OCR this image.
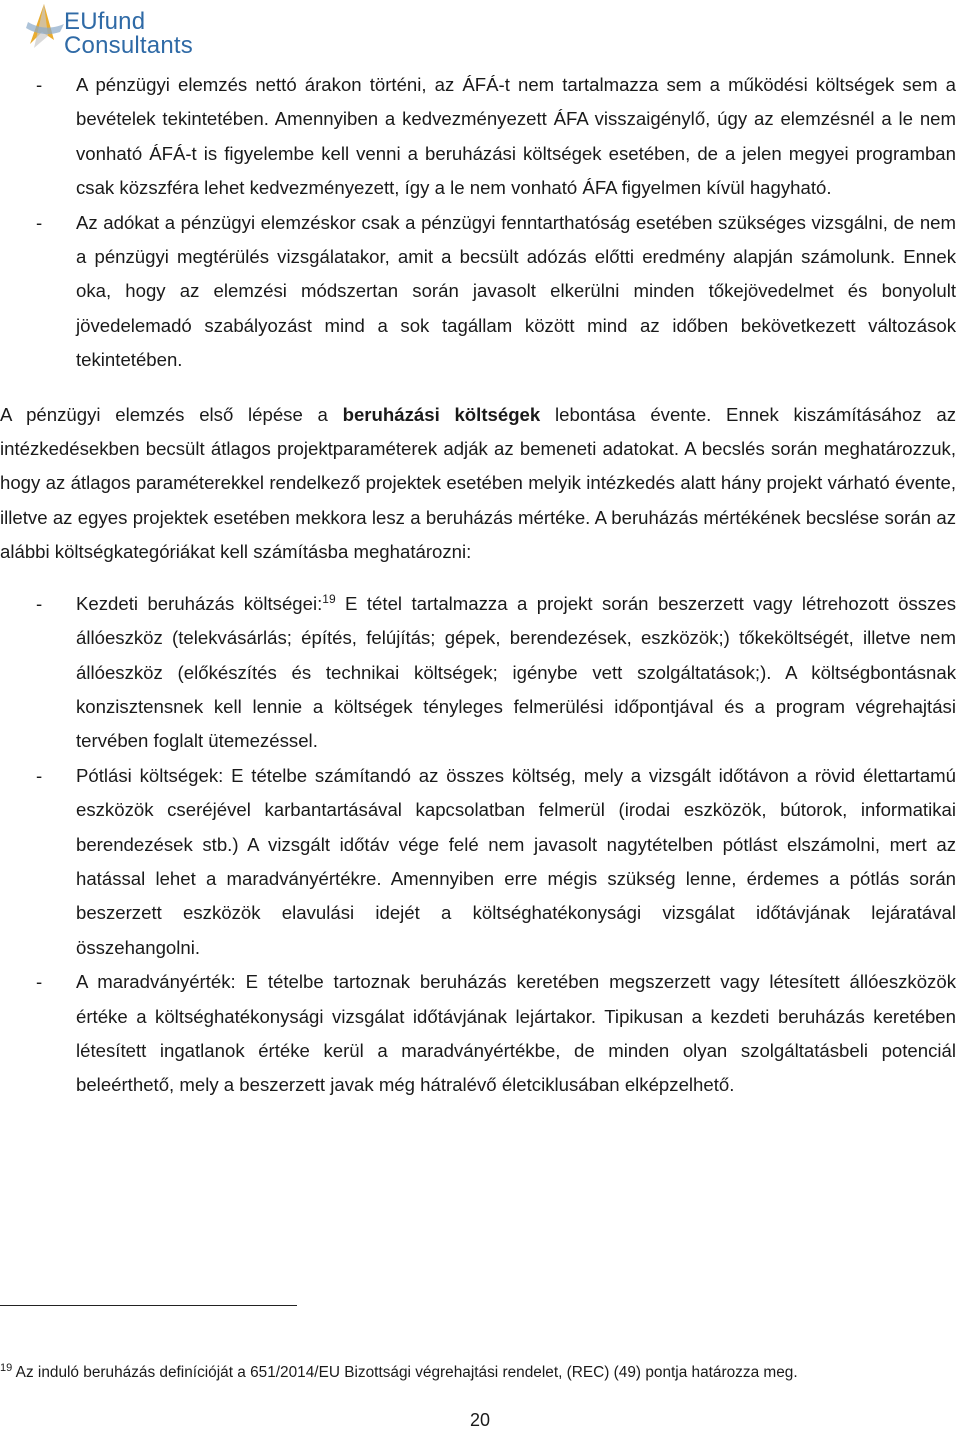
EUfund
Consultants
-	A pénzügyi elemzés nettó árakon történi, az ÁFÁ-t nem tartalmazza sem a működési költségek sem a bevételek tekintetében. Amennyiben a kedvezményezett ÁFA visszaigénylő, úgy az elemzésnél a le nem vonható ÁFÁ-t is figyelembe kell venni a beruházási költségek esetében, de a jelen megyei programban csak közszféra lehet kedvezményezett, így a le nem vonható ÁFA figyelmen kívül hagyható.

-	Az adókat a pénzügyi elemzéskor csak a pénzügyi fenntarthatóság esetében szükséges vizsgálni, de nem a pénzügyi megtérülés vizsgálatakor, amit a becsült adózás előtti eredmény alapján számolunk. Ennek oka, hogy az elemzési módszertan során javasolt elkerülni minden tőkejövedelmet és bonyolult jövedelemadó szabályozást mind a sok tagállam között mind az időben bekövetkezett változások tekintetében.

A pénzügyi elemzés első lépése a beruházási költségek lebontása évente. Ennek kiszámításához az intézkedésekben becsült átlagos projektparaméterek adják az bemeneti adatokat. A becslés során meghatározzuk, hogy az átlagos paraméterekkel rendelkező projektek esetében melyik intézkedés alatt hány projekt várható évente, illetve az egyes projektek esetében mekkora lesz a beruházás mértéke. A beruházás mértékének becslése során az alábbi költségkategóriákat kell számításba meghatározni:

-	Kezdeti beruházás költségei:$^{19}$ E tétel tartalmazza a projekt során beszerzett vagy létrehozott összes állóeszköz (telekvásárlás; építés, felújítás; gépek, berendezések, eszközök;) tőkeköltségét, illetve nem állóeszköz (előkészítés és technikai költségek; igénybe vett szolgáltatások;). A költségbontásnak konzisztensnek kell lennie a költségek tényleges felmerülési időpontjával és a program végrehajtási tervében foglalt ütemezéssel.

-	Pótlási költségek: E tételbe számítandó az összes költség, mely a vizsgált időtávon a rövid élettartamú eszközök cseréjével karbantartásával kapcsolatban felmerül (irodai eszközök, bútorok, informatikai berendezések stb.) A vizsgált időtáv vége felé nem javasolt nagytételben pótlást elszámolni, mert az hatással lehet a maradványértékre. Amennyiben erre mégis szükség lenne, érdemes a pótlás során beszerzett eszközök elavulási idejét a költséghatékonysági vizsgálat időtávjának lejáratával összehangolni.

-	A maradványérték: E tételbe tartoznak beruházás keretében megszerzett vagy létesített állóeszközök értéke a költséghatékonysági vizsgálat időtávjának lejártakor. Tipikusan a kezdeti beruházás keretében létesített ingatlanok értéke kerül a maradványértékbe, de minden olyan szolgáltatásbeli potenciál beleérthető, mely a beszerzett javak még hátralévő életciklusában elképzelhető.

$^{19}$ Az induló beruházás definícióját a 651/2014/EU Bizottsági végrehajtási rendelet, (REC) (49) pontja határozza meg.

20
